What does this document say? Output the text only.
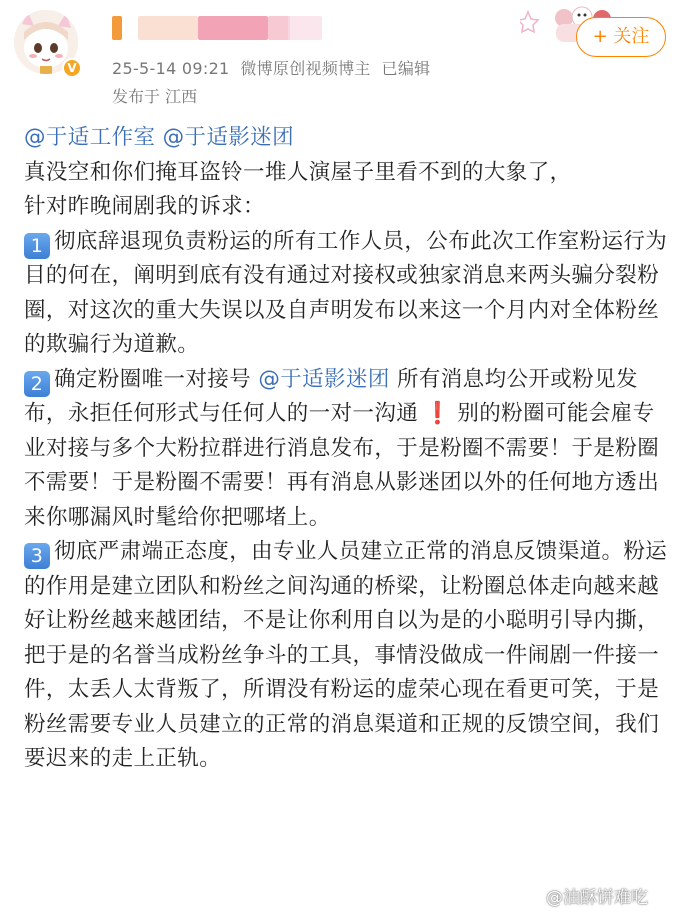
V	25-5-14 09:21 微博原创视频博主 已编辑
发布于 江西
+ 关注

@于适工作室 @于适影迷团

真没空和你们掩耳盗铃一堆人演屋子里看不到的大象了，

针对昨晚闹剧我的诉求：

1 彻底辞退现负责粉运的所有工作人员，公布此次工作室粉运行为目的何在，阐明到底有没有通过对接权或独家消息来两头骗分裂粉圈，对这次的重大失误以及自声明发布以来这一个月内对全体粉丝的欺骗行为道歉。

2 确定粉圈唯一对接号 @于适影迷团 所有消息均公开或粉见发布，永拒任何形式与任何人的一对一沟通 ❗ 别的粉圈可能会雇专业对接与多个大粉拉群进行消息发布，于是粉圈不需要！于是粉圈不需要！于是粉圈不需要！再有消息从影迷团以外的任何地方透出来你哪漏风时髦给你把哪堵上。

3 彻底严肃端正态度，由专业人员建立正常的消息反馈渠道。粉运的作用是建立团队和粉丝之间沟通的桥梁，让粉圈总体走向越来越好让粉丝越来越团结，不是让你利用自以为是的小聪明引导内撕，把于是的名誉当成粉丝争斗的工具，事情没做成一件闹剧一件接一件，太丢人太背叛了，所谓没有粉运的虚荣心现在看更可笑，于是粉丝需要专业人员建立的正常的消息渠道和正规的反馈空间，我们要迟来的走上正轨。

@油酥饼难吃
